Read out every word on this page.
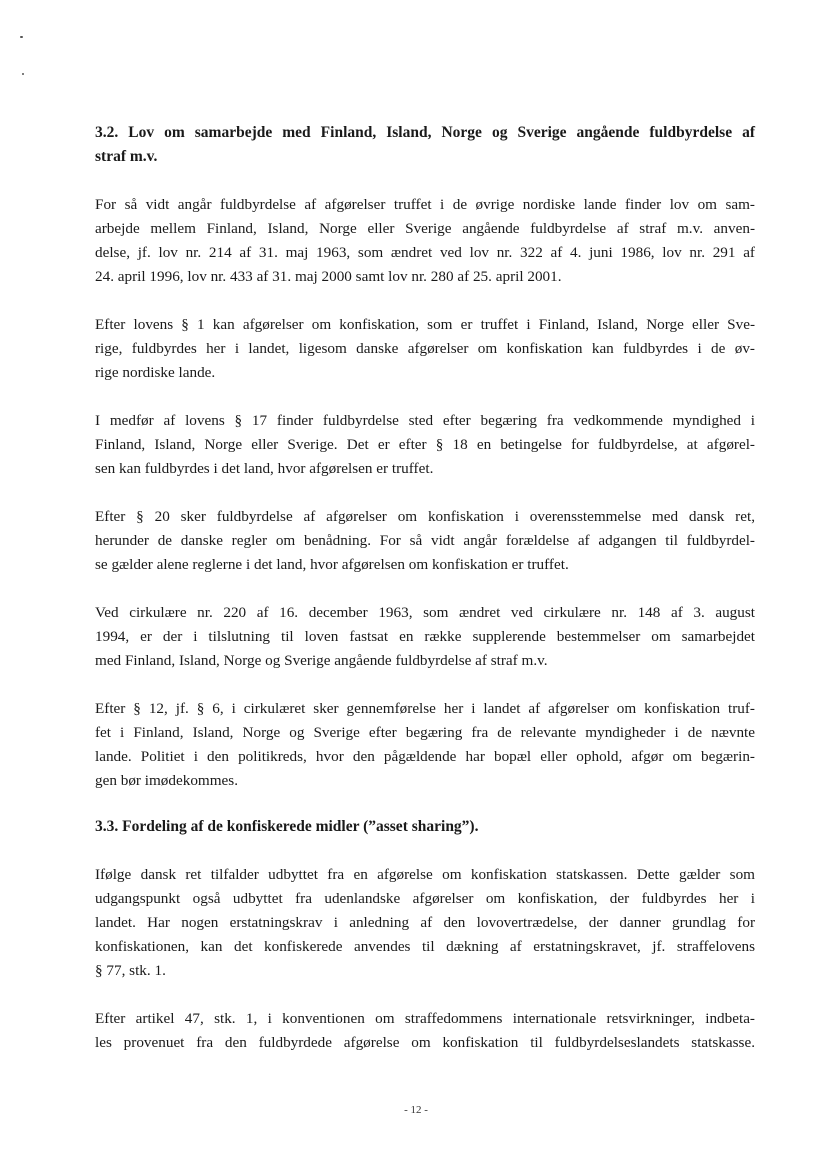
3.2. Lov om samarbejde med Finland, Island, Norge og Sverige angående fuldbyrdelse af
straf m.v.

For så vidt angår fuldbyrdelse af afgørelser truffet i de øvrige nordiske lande finder lov om sam-
arbejde mellem Finland, Island, Norge eller Sverige angående fuldbyrdelse af straf m.v. anven-
delse, jf. lov nr. 214 af 31. maj 1963, som ændret ved lov nr. 322 af 4. juni 1986, lov nr. 291 af
24. april 1996, lov nr. 433 af 31. maj 2000 samt lov nr. 280 af 25. april 2001.

Efter lovens § 1 kan afgørelser om konfiskation, som er truffet i Finland, Island, Norge eller Sve-
rige, fuldbyrdes her i landet, ligesom danske afgørelser om konfiskation kan fuldbyrdes i de øv-
rige nordiske lande.

I medfør af lovens § 17 finder fuldbyrdelse sted efter begæring fra vedkommende myndighed i
Finland, Island, Norge eller Sverige. Det er efter § 18 en betingelse for fuldbyrdelse, at afgørel-
sen kan fuldbyrdes i det land, hvor afgørelsen er truffet.

Efter § 20 sker fuldbyrdelse af afgørelser om konfiskation i overensstemmelse med dansk ret,
herunder de danske regler om benådning. For så vidt angår forældelse af adgangen til fuldbyrdel-
se gælder alene reglerne i det land, hvor afgørelsen om konfiskation er truffet.

Ved cirkulære nr. 220 af 16. december 1963, som ændret ved cirkulære nr. 148 af 3. august
1994, er der i tilslutning til loven fastsat en række supplerende bestemmelser om samarbejdet
med Finland, Island, Norge og Sverige angående fuldbyrdelse af straf m.v.

Efter § 12, jf. § 6, i cirkulæret sker gennemførelse her i landet af afgørelser om konfiskation truf-
fet i Finland, Island, Norge og Sverige efter begæring fra de relevante myndigheder i de nævnte
lande. Politiet i den politikreds, hvor den pågældende har bopæl eller ophold, afgør om begærin-
gen bør imødekommes.

3.3. Fordeling af de konfiskerede midler (”asset sharing”).

Ifølge dansk ret tilfalder udbyttet fra en afgørelse om konfiskation statskassen. Dette gælder som
udgangspunkt også udbyttet fra udenlandske afgørelser om konfiskation, der fuldbyrdes her i
landet. Har nogen erstatningskrav i anledning af den lovovertrædelse, der danner grundlag for
konfiskationen, kan det konfiskerede anvendes til dækning af erstatningskravet, jf. straffelovens
§ 77, stk. 1.

Efter artikel 47, stk. 1, i konventionen om straffedommens internationale retsvirkninger, indbeta-
les provenuet fra den fuldbyrdede afgørelse om konfiskation til fuldbyrdelseslandets statskasse.

- 12 -
